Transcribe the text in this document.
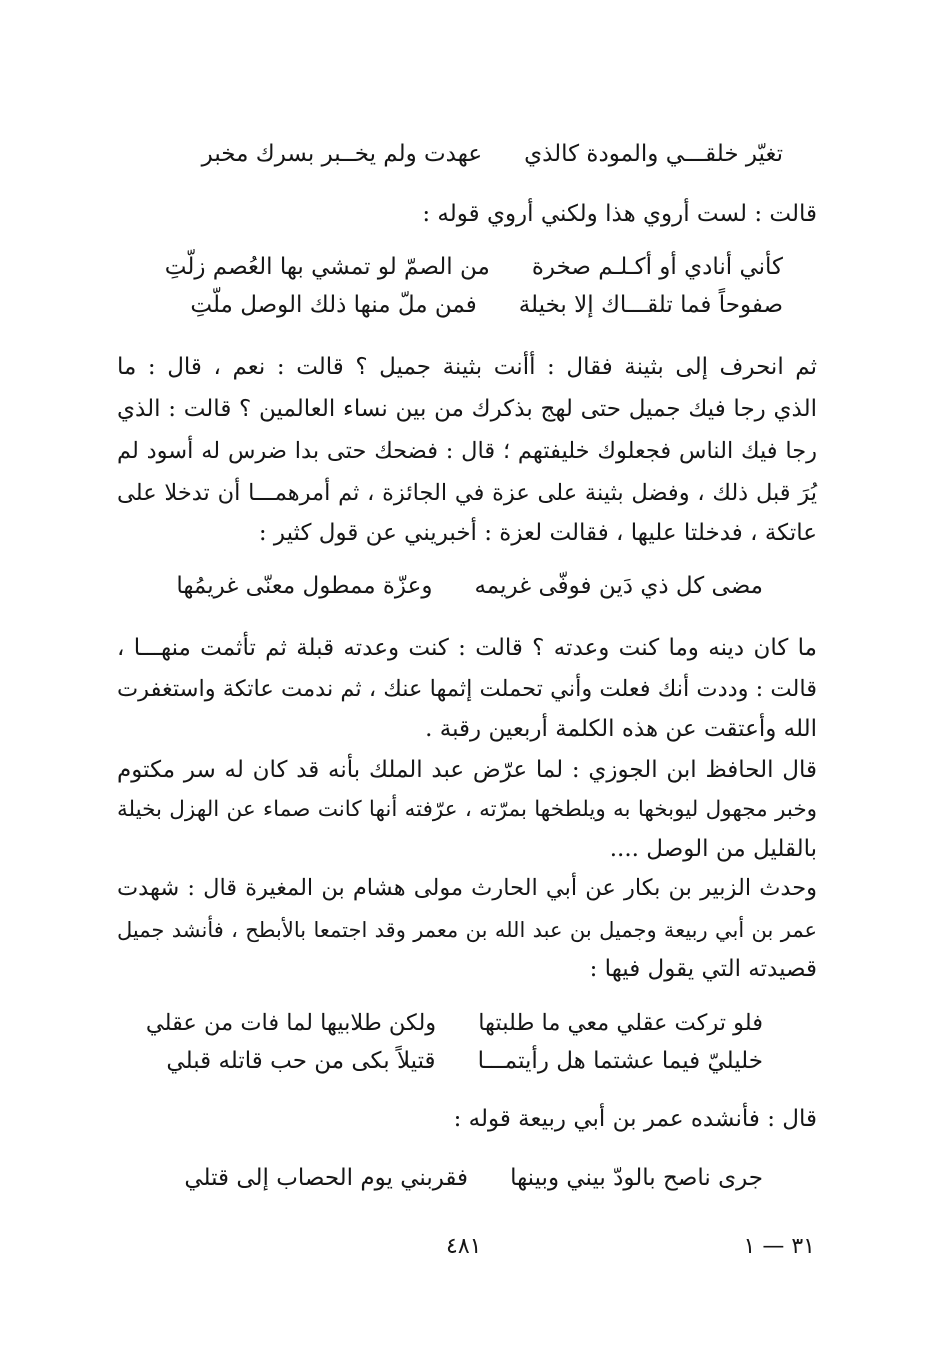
تغيّر خلقـــي والمودة كالذي
عهدت ولم يخــبر بسرك مخبر
قالت : لست أروي هذا ولكني أروي قوله :
كأني أنادي أو أكـلـم صخرة
من الصمّ لو تمشي بها العُصم زلّتِ
صفوحاً فما تلقـــاك إلا بخيلة
فمن ملّ منها ذلك الوصل ملّتِ
ثم انحرف إلى بثينة فقال : أأنت بثينة جميل ؟ قالت : نعم ، قال : ما
الذي رجا فيك جميل حتى لهج بذكرك من بين نساء العالمين ؟ قالت : الذي
رجا فيك الناس فجعلوك خليفتهم ؛ قال : فضحك حتى بدا ضرس له أسود لم
يُرَ قبل ذلك ، وفضل بثينة على عزة في الجائزة ، ثم أمرهمـــا أن تدخلا على
عاتكة ، فدخلتا عليها ، فقالت لعزة : أخبريني عن قول كثير :
مضى كل ذي دَين فوفّى غريمه
وعزّة ممطول معنّى غريمُها
ما كان دينه وما كنت وعدته ؟ قالت : كنت وعدته قبلة ثم تأثمت منهـــا ،
قالت : وددت أنك فعلت وأني تحملت إثمها عنك ، ثم ندمت عاتكة واستغفرت
الله وأعتقت عن هذه الكلمة أربعين رقبة .
قال الحافظ ابن الجوزي : لما عرّض عبد الملك بأنه قد كان له سر مكتوم
وخبر مجهول ليوبخها به ويلطخها بمرّته ، عرّفته أنها كانت صماء عن الهزل بخيلة
بالقليل من الوصل ....
وحدث الزبير بن بكار عن أبي الحارث مولى هشام بن المغيرة قال : شهدت
عمر بن أبي ربيعة وجميل بن عبد الله بن معمر وقد اجتمعا بالأبطح ، فأنشد جميل
قصيدته التي يقول فيها :
فلو تركت عقلي معي ما طلبتها
ولكن طلابيها لما فات من عقلي
خليليّ فيما عشتما هل رأيتمـــا
قتيلاً بكى من حب قاتله قبلي
قال : فأنشده عمر بن أبي ربيعة قوله :
جرى ناصح بالودّ بيني وبينها
فقربني يوم الحصاب إلى قتلي
٤٨١	٣١ — ١
